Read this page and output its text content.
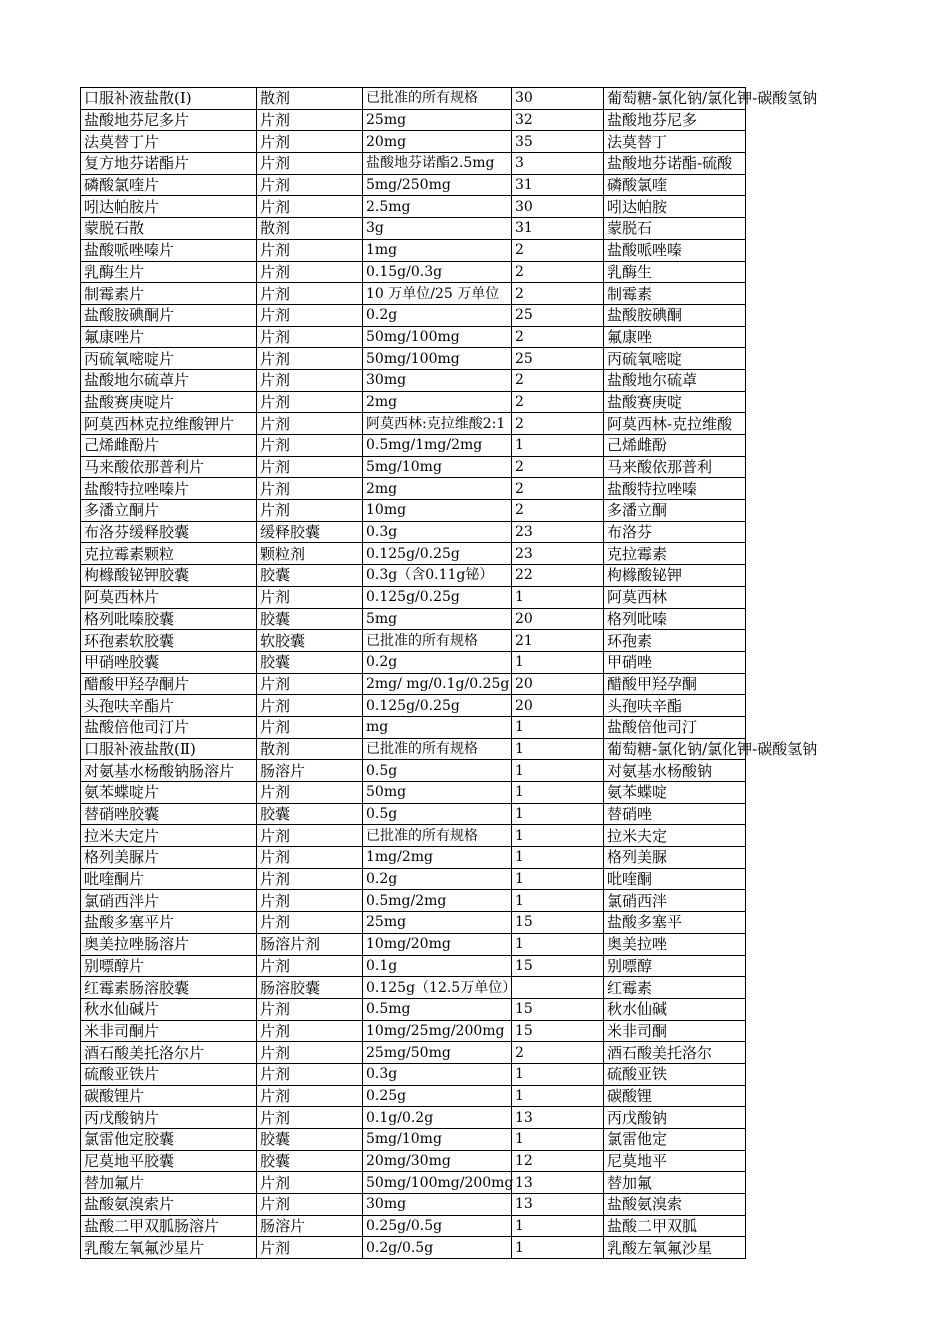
口服补液盐散(Ⅰ)	散剂	已批准的所有规格	30	葡萄糖-氯化钠/氯化钾-碳酸氢钠
盐酸地芬尼多片	片剂	25mg	32	盐酸地芬尼多
法莫替丁片	片剂	20mg	35	法莫替丁
复方地芬诺酯片	片剂	盐酸地芬诺酯2.5mg	3	盐酸地芬诺酯-硫酸
磷酸氯喹片	片剂	5mg/250mg	31	磷酸氯喹
吲达帕胺片	片剂	2.5mg	30	吲达帕胺
蒙脱石散	散剂	3g	31	蒙脱石
盐酸哌唑嗪片	片剂	1mg	2	盐酸哌唑嗪
乳酶生片	片剂	0.15g/0.3g	2	乳酶生
制霉素片	片剂	10 万单位/25 万单位	2	制霉素
盐酸胺碘酮片	片剂	0.2g	25	盐酸胺碘酮
氟康唑片	片剂	50mg/100mg	2	氟康唑
丙硫氧嘧啶片	片剂	50mg/100mg	25	丙硫氧嘧啶
盐酸地尔硫䓬片	片剂	30mg	2	盐酸地尔硫䓬
盐酸赛庚啶片	片剂	2mg	2	盐酸赛庚啶
阿莫西林克拉维酸钾片	片剂	阿莫西林:克拉维酸2:1	2	阿莫西林-克拉维酸
己烯雌酚片	片剂	0.5mg/1mg/2mg	1	己烯雌酚
马来酸依那普利片	片剂	5mg/10mg	2	马来酸依那普利
盐酸特拉唑嗪片	片剂	2mg	2	盐酸特拉唑嗪
多潘立酮片	片剂	10mg	2	多潘立酮
布洛芬缓释胶囊	缓释胶囊	0.3g	23	布洛芬
克拉霉素颗粒	颗粒剂	0.125g/0.25g	23	克拉霉素
枸橼酸铋钾胶囊	胶囊	0.3g（含0.11g铋）	22	枸橼酸铋钾
阿莫西林片	片剂	0.125g/0.25g	1	阿莫西林
格列吡嗪胶囊	胶囊	5mg	20	格列吡嗪
环孢素软胶囊	软胶囊	已批准的所有规格	21	环孢素
甲硝唑胶囊	胶囊	0.2g	1	甲硝唑
醋酸甲羟孕酮片	片剂	2mg/ mg/0.1g/0.25g	20	醋酸甲羟孕酮
头孢呋辛酯片	片剂	0.125g/0.25g	20	头孢呋辛酯
盐酸倍他司汀片	片剂	mg	1	盐酸倍他司汀
口服补液盐散(Ⅱ)	散剂	已批准的所有规格	1	葡萄糖-氯化钠/氯化钾-碳酸氢钠
对氨基水杨酸钠肠溶片	肠溶片	0.5g	1	对氨基水杨酸钠
氨苯蝶啶片	片剂	50mg	1	氨苯蝶啶
替硝唑胶囊	胶囊	0.5g	1	替硝唑
拉米夫定片	片剂	已批准的所有规格	1	拉米夫定
格列美脲片	片剂	1mg/2mg	1	格列美脲
吡喹酮片	片剂	0.2g	1	吡喹酮
氯硝西泮片	片剂	0.5mg/2mg	1	氯硝西泮
盐酸多塞平片	片剂	25mg	15	盐酸多塞平
奥美拉唑肠溶片	肠溶片剂	10mg/20mg	1	奥美拉唑
别嘌醇片	片剂	0.1g	15	别嘌醇
红霉素肠溶胶囊	肠溶胶囊	0.125g（12.5万单位）		红霉素
秋水仙碱片	片剂	0.5mg	15	秋水仙碱
米非司酮片	片剂	10mg/25mg/200mg	15	米非司酮
酒石酸美托洛尔片	片剂	25mg/50mg	2	酒石酸美托洛尔
硫酸亚铁片	片剂	0.3g	1	硫酸亚铁
碳酸锂片	片剂	0.25g	1	碳酸锂
丙戊酸钠片	片剂	0.1g/0.2g	13	丙戊酸钠
氯雷他定胶囊	胶囊	5mg/10mg	1	氯雷他定
尼莫地平胶囊	胶囊	20mg/30mg	12	尼莫地平
替加氟片	片剂	50mg/100mg/200mg	13	替加氟
盐酸氨溴索片	片剂	30mg	13	盐酸氨溴索
盐酸二甲双胍肠溶片	肠溶片	0.25g/0.5g	1	盐酸二甲双胍
乳酸左氧氟沙星片	片剂	0.2g/0.5g	1	乳酸左氧氟沙星
